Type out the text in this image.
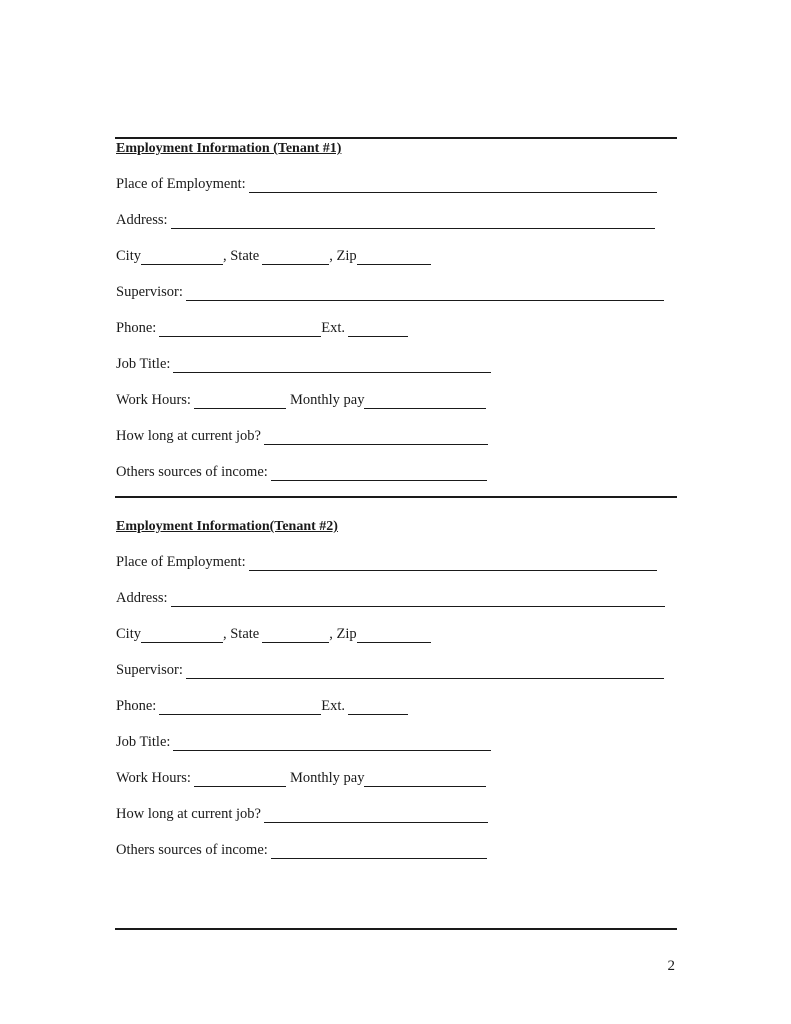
Employment Information (Tenant #1)
Place of Employment:
Address:
City	, State	, Zip
Supervisor:
Phone:	Ext.
Job Title:
Work Hours:	Monthly pay
How long at current job?
Others sources of income:
Employment Information(Tenant #2)
Place of Employment:
Address:
City	, State	, Zip
Supervisor:
Phone:	Ext.
Job Title:
Work Hours:	Monthly pay
How long at current job?
Others sources of income:
2
